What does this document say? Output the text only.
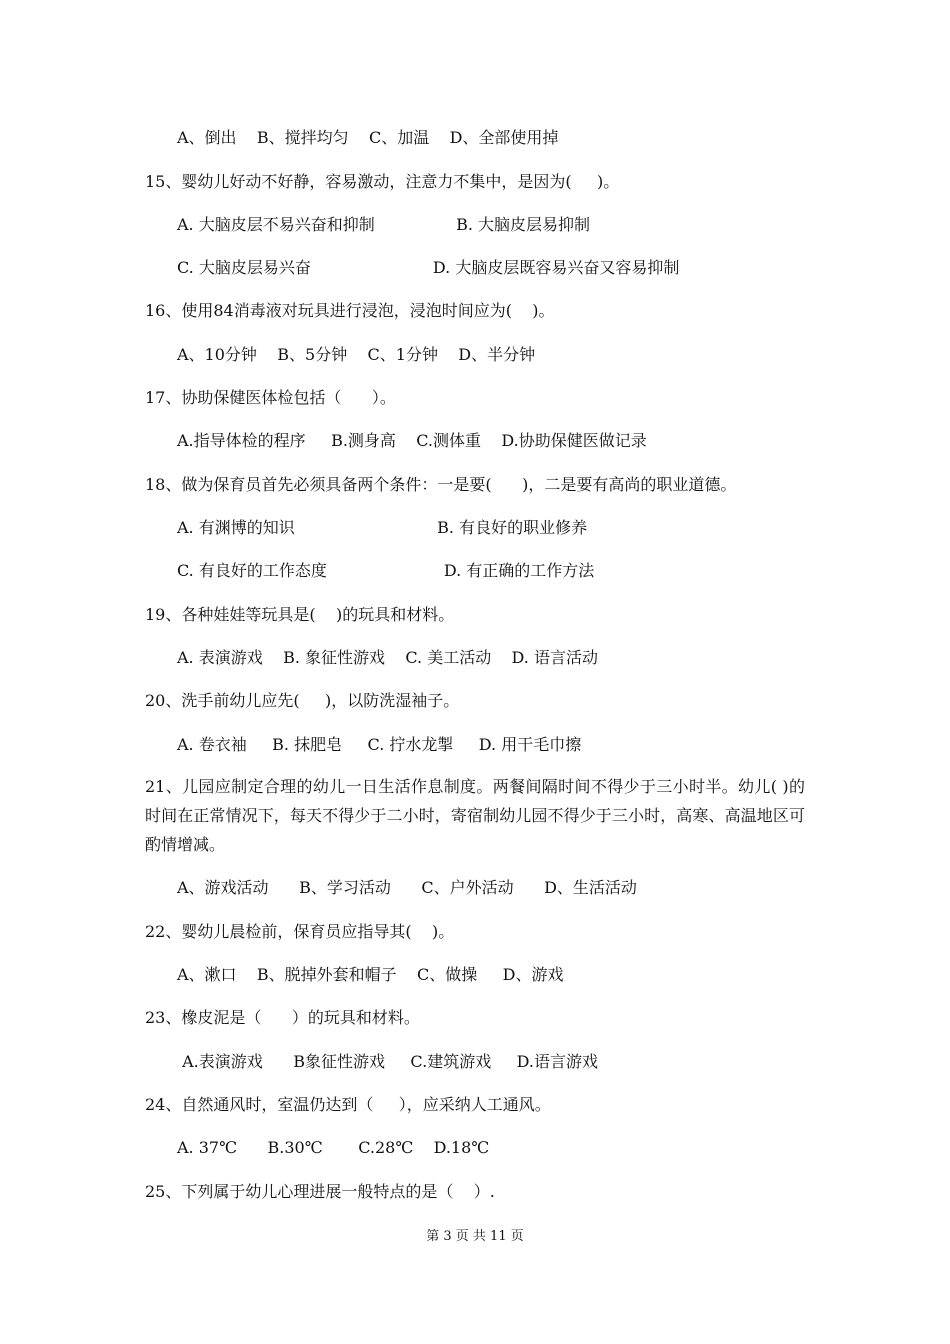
A、倒出    B、搅拌均匀    C、加温    D、全部使用掉

15、婴幼儿好动不好静，容易激动，注意力不集中，是因为(     )。

A. 大脑皮层不易兴奋和抑制                B. 大脑皮层易抑制

C. 大脑皮层易兴奋                        D. 大脑皮层既容易兴奋又容易抑制

16、使用84消毒液对玩具进行浸泡，浸泡时间应为(    )。

A、10分钟    B、5分钟    C、1分钟    D、半分钟

17、协助保健医体检包括（      ）。

A.指导体检的程序     B.测身高    C.测体重    D.协助保健医做记录

18、做为保育员首先必须具备两个条件：一是要(      )，二是要有高尚的职业道德。

A. 有渊博的知识                            B. 有良好的职业修养

C. 有良好的工作态度                       D. 有正确的工作方法

19、各种娃娃等玩具是(    )的玩具和材料。

A. 表演游戏    B. 象征性游戏    C. 美工活动    D. 语言活动

20、洗手前幼儿应先(     )，以防洗湿袖子。

A. 卷衣袖     B. 抹肥皂     C. 拧水龙掣     D. 用干毛巾擦

21、儿园应制定合理的幼儿一日生活作息制度。两餐间隔时间不得少于三小时半。幼儿( )的时间在正常情况下，每天不得少于二小时，寄宿制幼儿园不得少于三小时，高寒、高温地区可酌情增减。

A、游戏活动      B、学习活动      C、户外活动      D、生活活动

22、婴幼儿晨检前，保育员应指导其(    )。

A、漱口    B、脱掉外套和帽子    C、做操     D、游戏

23、橡皮泥是（      ）的玩具和材料。

A.表演游戏      B象征性游戏     C.建筑游戏     D.语言游戏

24、自然通风时，室温仍达到（     ），应采纳人工通风。

A. 37℃      B.30℃       C.28℃    D.18℃

25、下列属于幼儿心理进展一般特点的是（    ）.

第 3 页 共 11 页
